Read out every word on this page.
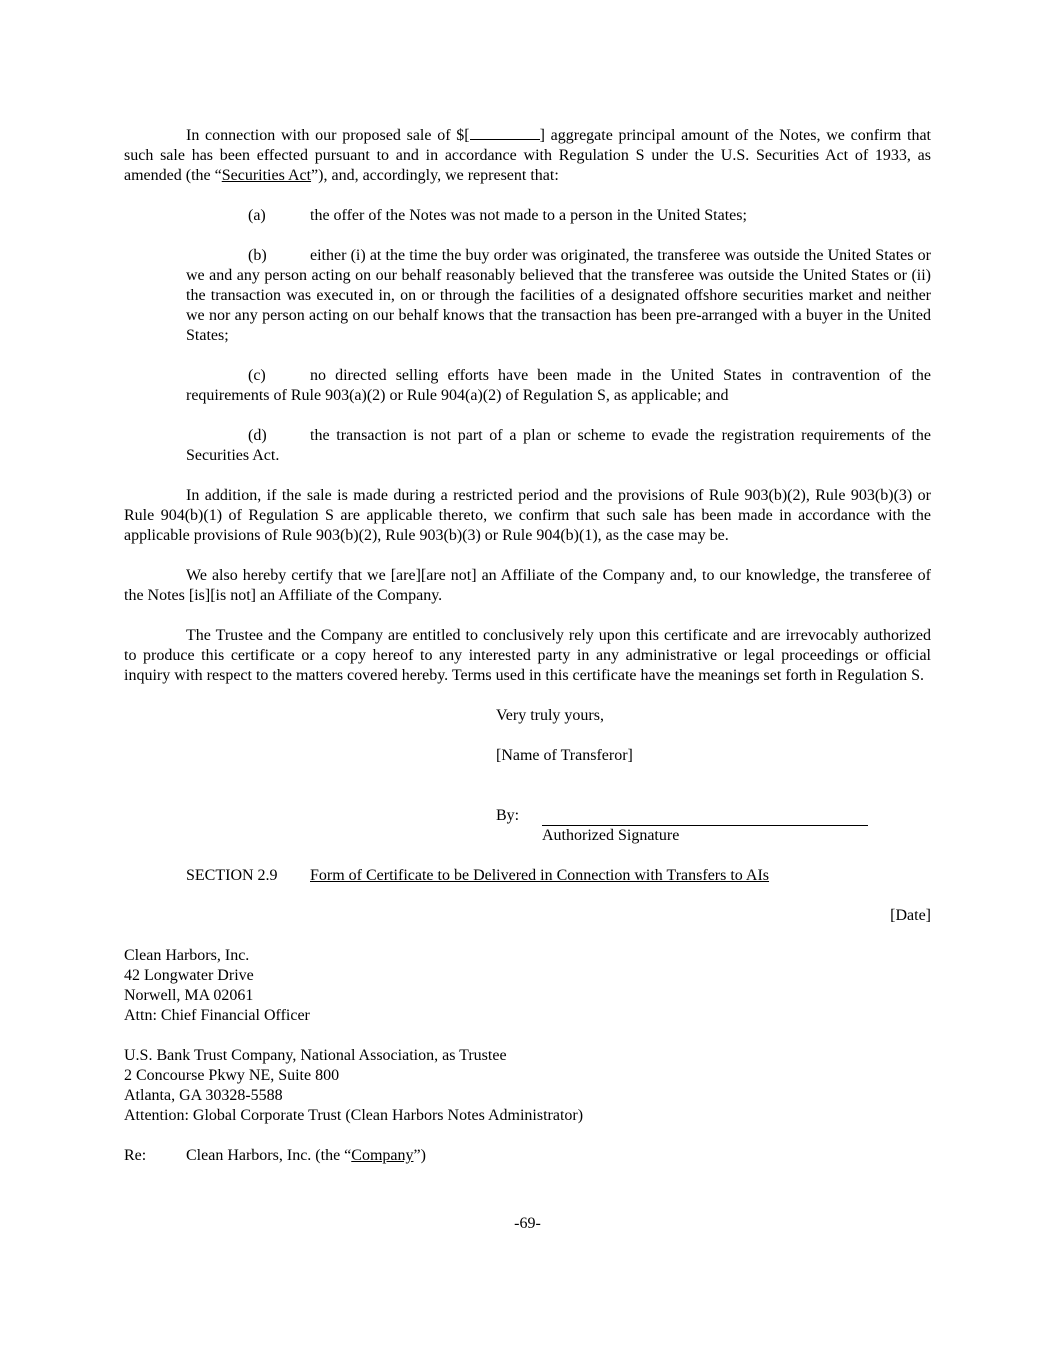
In connection with our proposed sale of $[	] aggregate principal amount of the Notes, we confirm that such sale has been effected pursuant to and in accordance with Regulation S under the U.S. Securities Act of 1933, as amended (the “Securities Act”), and, accordingly, we represent that:

(a)	the offer of the Notes was not made to a person in the United States;

(b)	either (i) at the time the buy order was originated, the transferee was outside the United States or we and any person acting on our behalf reasonably believed that the transferee was outside the United States or (ii) the transaction was executed in, on or through the facilities of a designated offshore securities market and neither we nor any person acting on our behalf knows that the transaction has been pre-arranged with a buyer in the United States;

(c)	no directed selling efforts have been made in the United States in contravention of the requirements of Rule 903(a)(2) or Rule 904(a)(2) of Regulation S, as applicable; and

(d)	the transaction is not part of a plan or scheme to evade the registration requirements of the Securities Act.

In addition, if the sale is made during a restricted period and the provisions of Rule 903(b)(2), Rule 903(b)(3) or Rule 904(b)(1) of Regulation S are applicable thereto, we confirm that such sale has been made in accordance with the applicable provisions of Rule 903(b)(2), Rule 903(b)(3) or Rule 904(b)(1), as the case may be.

We also hereby certify that we [are][are not] an Affiliate of the Company and, to our knowledge, the transferee of the Notes [is][is not] an Affiliate of the Company.

The Trustee and the Company are entitled to conclusively rely upon this certificate and are irrevocably authorized to produce this certificate or a copy hereof to any interested party in any administrative or legal proceedings or official inquiry with respect to the matters covered hereby. Terms used in this certificate have the meanings set forth in Regulation S.

Very truly yours,
[Name of Transferor]
By:
Authorized Signature
SECTION 2.9	Form of Certificate to be Delivered in Connection with Transfers to AIs
[Date]
Clean Harbors, Inc.
42 Longwater Drive
Norwell, MA 02061
Attn: Chief Financial Officer
U.S. Bank Trust Company, National Association, as Trustee
2 Concourse Pkwy NE, Suite 800
Atlanta, GA 30328-5588
Attention: Global Corporate Trust (Clean Harbors Notes Administrator)
Re:	Clean Harbors, Inc. (the “Company”)
-69-
